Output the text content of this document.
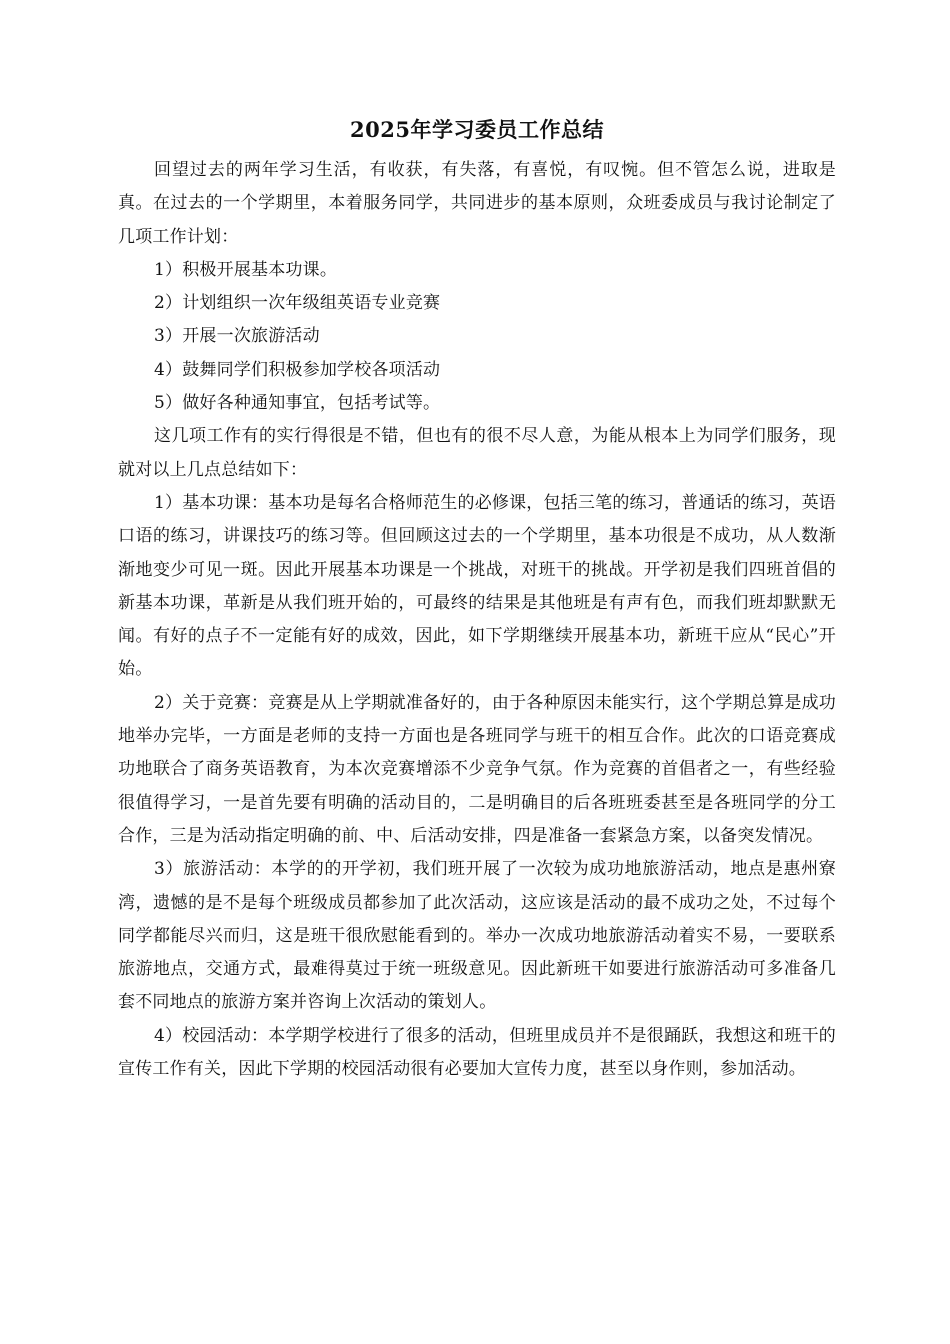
2025年学习委员工作总结

回望过去的两年学习生活，有收获，有失落，有喜悦，有叹惋。但不管怎么说，进取是真。在过去的一个学期里，本着服务同学，共同进步的基本原则，众班委成员与我讨论制定了几项工作计划：

1）积极开展基本功课。

2）计划组织一次年级组英语专业竞赛

3）开展一次旅游活动

4）鼓舞同学们积极参加学校各项活动

5）做好各种通知事宜，包括考试等。

这几项工作有的实行得很是不错，但也有的很不尽人意，为能从根本上为同学们服务，现就对以上几点总结如下：

1）基本功课：基本功是每名合格师范生的必修课，包括三笔的练习，普通话的练习，英语口语的练习，讲课技巧的练习等。但回顾这过去的一个学期里，基本功很是不成功，从人数渐渐地变少可见一斑。因此开展基本功课是一个挑战，对班干的挑战。开学初是我们四班首倡的新基本功课，革新是从我们班开始的，可最终的结果是其他班是有声有色，而我们班却默默无闻。有好的点子不一定能有好的成效，因此，如下学期继续开展基本功，新班干应从“民心”开始。

2）关于竞赛：竞赛是从上学期就准备好的，由于各种原因未能实行，这个学期总算是成功地举办完毕，一方面是老师的支持一方面也是各班同学与班干的相互合作。此次的口语竞赛成功地联合了商务英语教育，为本次竞赛增添不少竞争气氛。作为竞赛的首倡者之一，有些经验很值得学习，一是首先要有明确的活动目的，二是明确目的后各班班委甚至是各班同学的分工合作，三是为活动指定明确的前、中、后活动安排，四是准备一套紧急方案，以备突发情况。

3）旅游活动：本学的的开学初，我们班开展了一次较为成功地旅游活动，地点是惠州寮湾，遗憾的是不是每个班级成员都参加了此次活动，这应该是活动的最不成功之处，不过每个同学都能尽兴而归，这是班干很欣慰能看到的。举办一次成功地旅游活动着实不易，一要联系旅游地点，交通方式，最难得莫过于统一班级意见。因此新班干如要进行旅游活动可多准备几套不同地点的旅游方案并咨询上次活动的策划人。

4）校园活动：本学期学校进行了很多的活动，但班里成员并不是很踊跃，我想这和班干的宣传工作有关，因此下学期的校园活动很有必要加大宣传力度，甚至以身作则，参加活动。
